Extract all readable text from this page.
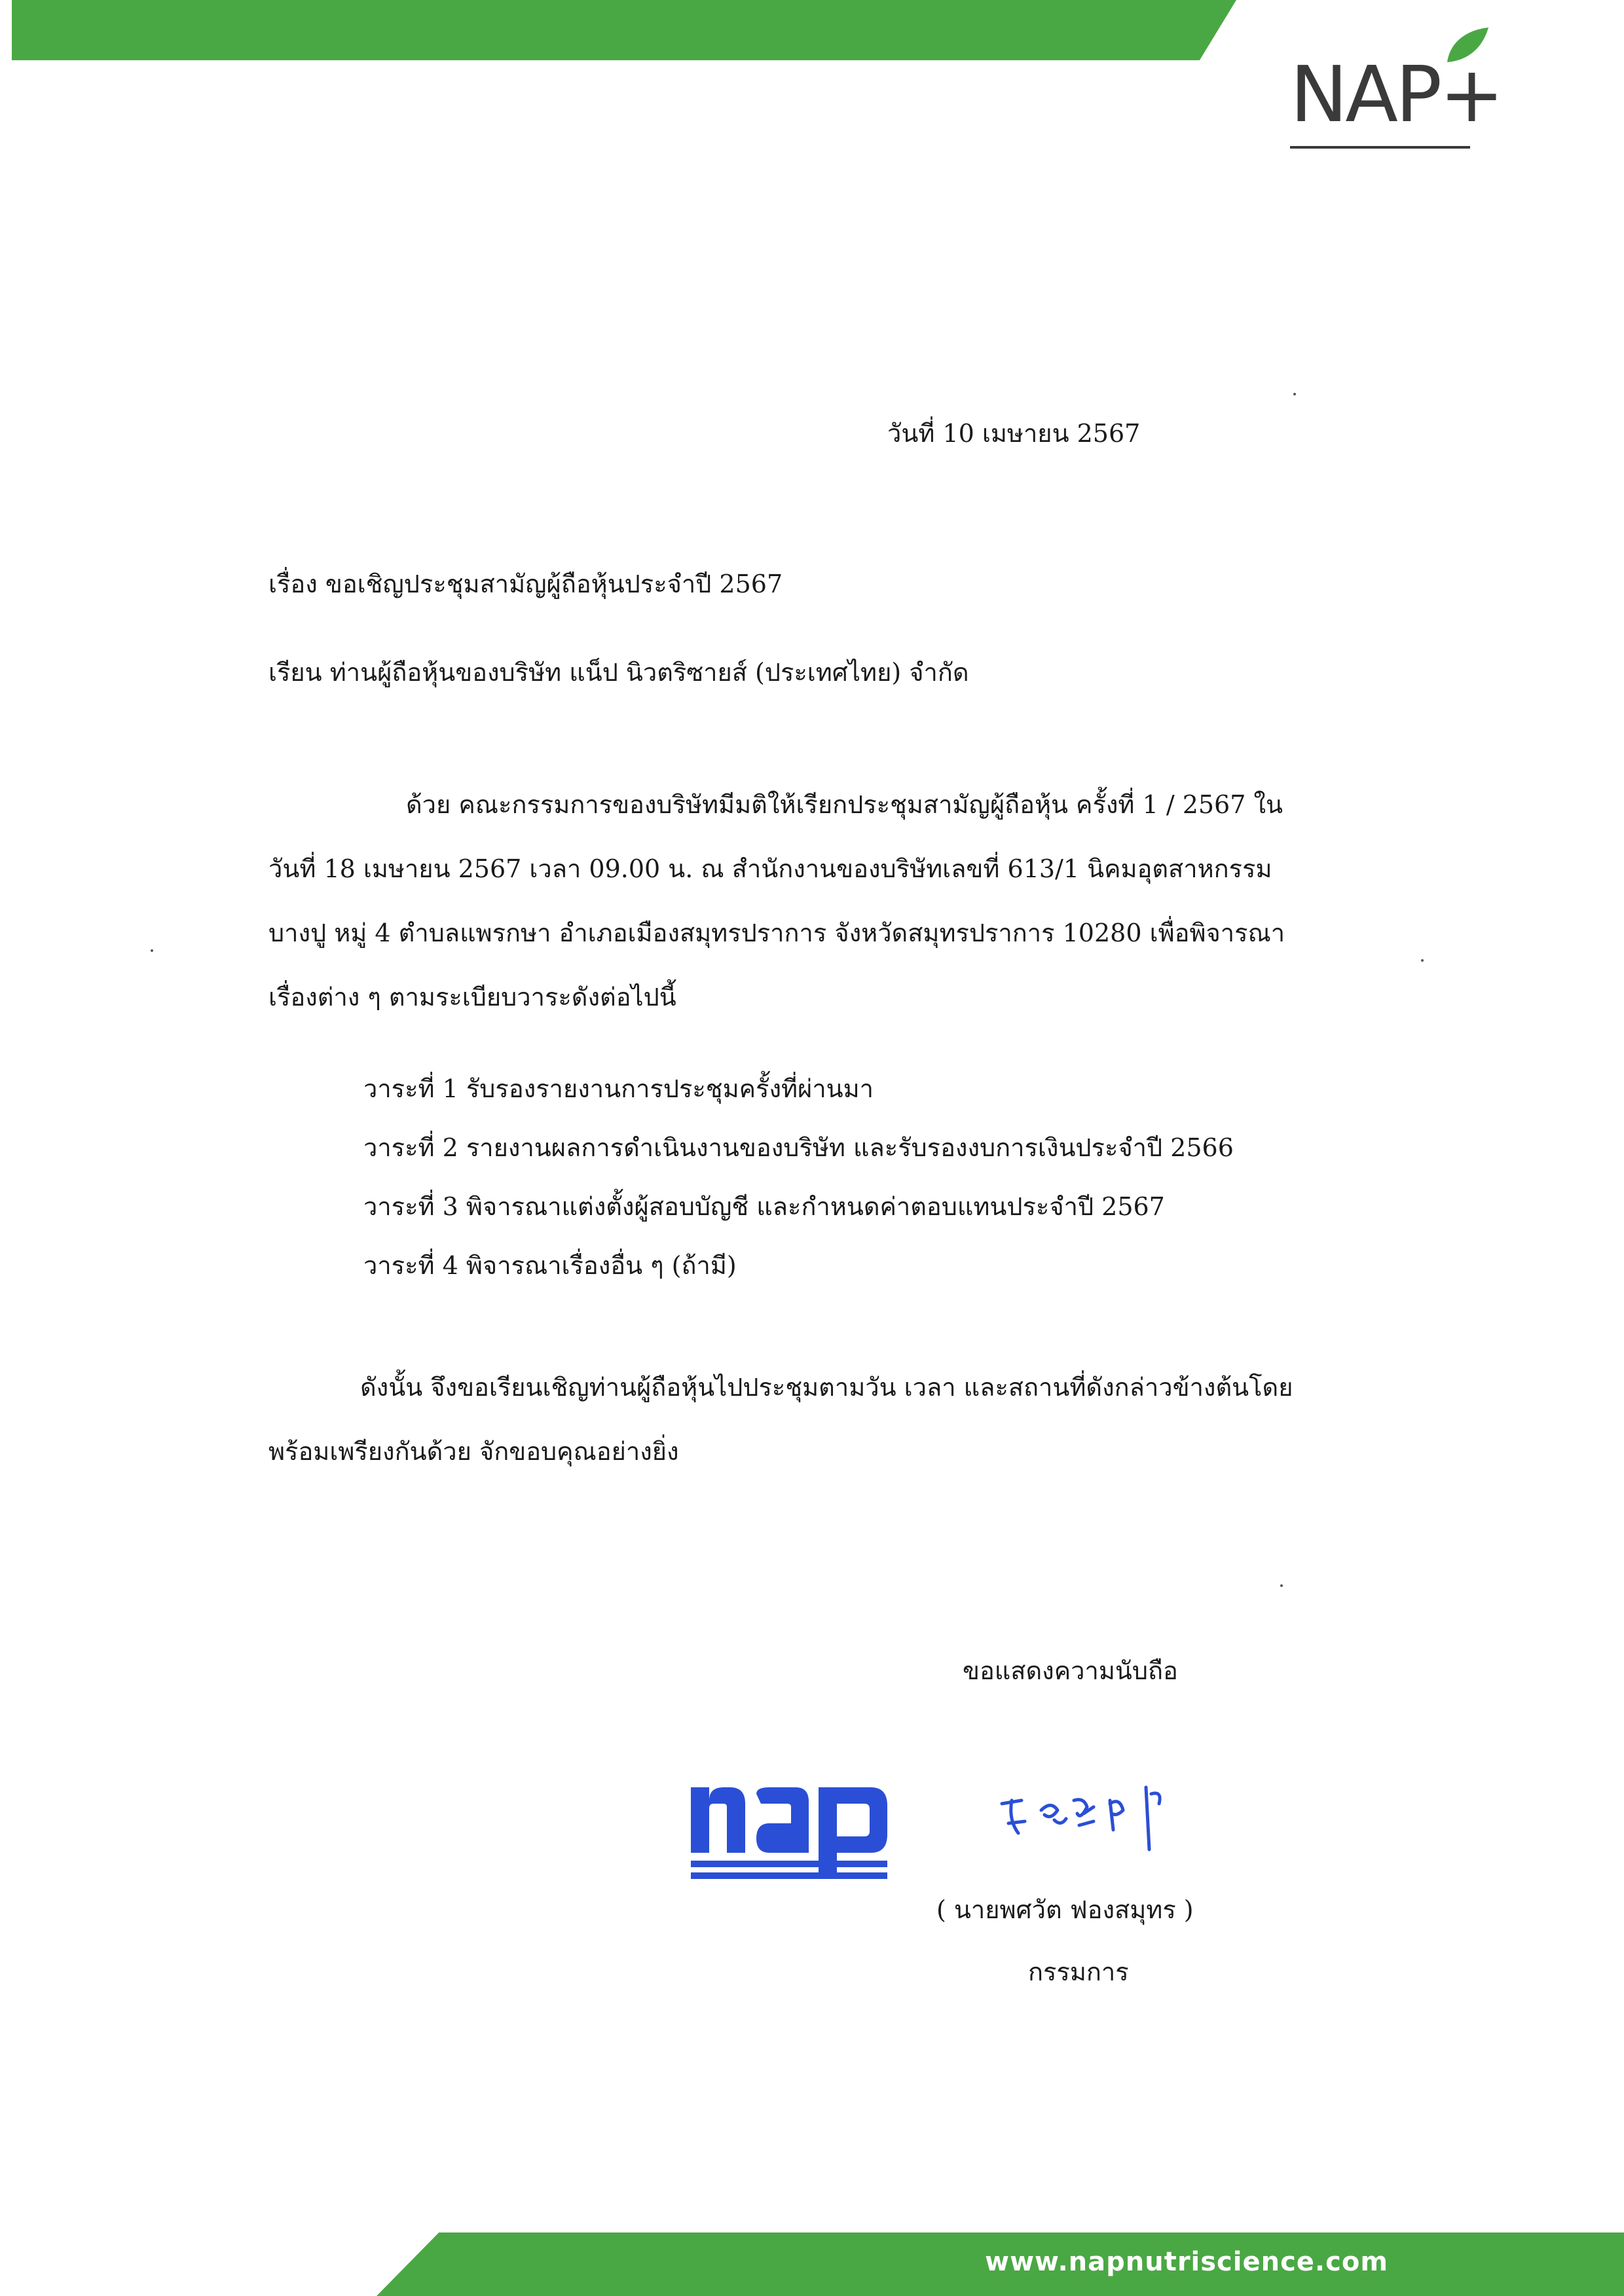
NAP+
วันที่ 10 เมษายน 2567
เรื่อง ขอเชิญประชุมสามัญผู้ถือหุ้นประจำปี 2567
เรียน ท่านผู้ถือหุ้นของบริษัท แน็ป นิวตริซายส์ (ประเทศไทย) จำกัด
ด้วย คณะกรรมการของบริษัทมีมติให้เรียกประชุมสามัญผู้ถือหุ้น ครั้งที่ 1 / 2567 ใน
วันที่ 18 เมษายน 2567 เวลา 09.00 น. ณ สำนักงานของบริษัทเลขที่ 613/1 นิคมอุตสาหกรรม
บางปู หมู่ 4 ตำบลแพรกษา อำเภอเมืองสมุทรปราการ จังหวัดสมุทรปราการ 10280 เพื่อพิจารณา
เรื่องต่าง ๆ ตามระเบียบวาระดังต่อไปนี้
วาระที่ 1 รับรองรายงานการประชุมครั้งที่ผ่านมา
วาระที่ 2 รายงานผลการดำเนินงานของบริษัท และรับรองงบการเงินประจำปี 2566
วาระที่ 3 พิจารณาแต่งตั้งผู้สอบบัญชี และกำหนดค่าตอบแทนประจำปี 2567
วาระที่ 4 พิจารณาเรื่องอื่น ๆ (ถ้ามี)
ดังนั้น จึงขอเรียนเชิญท่านผู้ถือหุ้นไปประชุมตามวัน เวลา และสถานที่ดังกล่าวข้างต้นโดย
พร้อมเพรียงกันด้วย จักขอบคุณอย่างยิ่ง
ขอแสดงความนับถือ
( นายพศวัต ฟองสมุทร )
กรรมการ
www.napnutriscience.com
